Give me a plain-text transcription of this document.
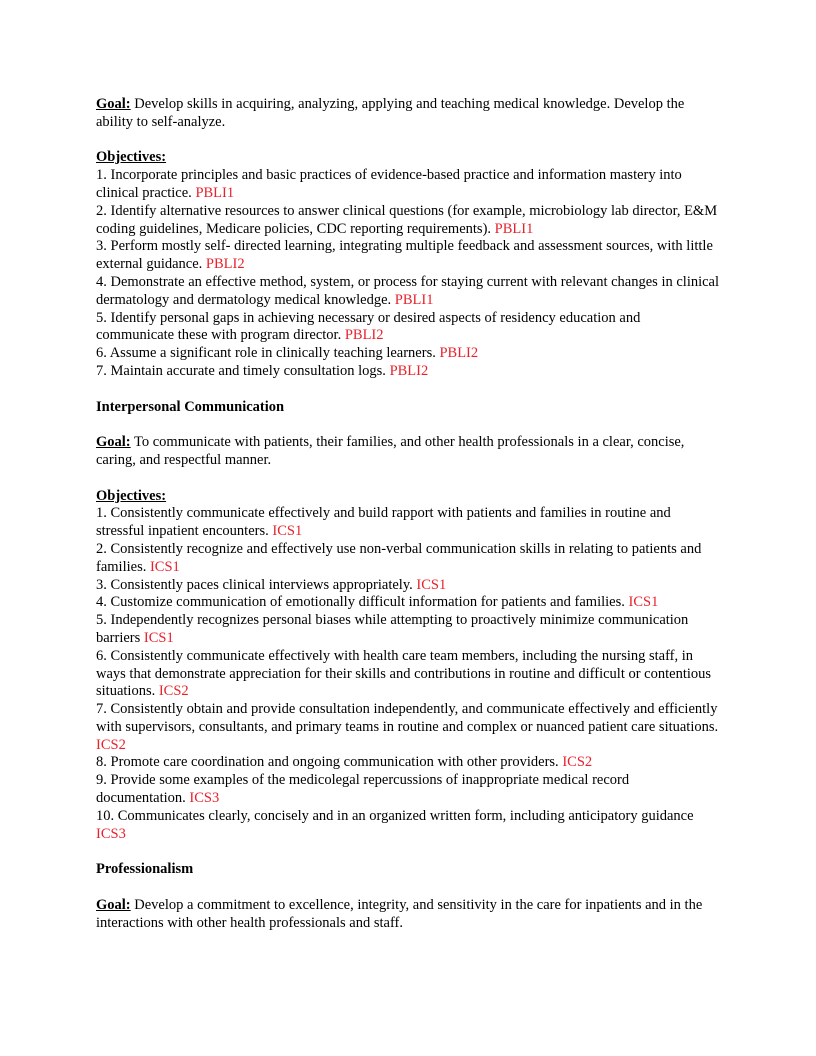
Goal: Develop skills in acquiring, analyzing, applying and teaching medical knowledge. Develop the ability to self-analyze.

Objectives:

1. Incorporate principles and basic practices of evidence-based practice and information mastery into clinical practice. PBLI1

2. Identify alternative resources to answer clinical questions (for example, microbiology lab director, E&M coding guidelines, Medicare policies, CDC reporting requirements). PBLI1

3. Perform mostly self- directed learning, integrating multiple feedback and assessment sources, with little external guidance. PBLI2

4. Demonstrate an effective method, system, or process for staying current with relevant changes in clinical dermatology and dermatology medical knowledge. PBLI1

5. Identify personal gaps in achieving necessary or desired aspects of residency education and communicate these with program director. PBLI2

6. Assume a significant role in clinically teaching learners. PBLI2

7. Maintain accurate and timely consultation logs. PBLI2

Interpersonal Communication

Goal: To communicate with patients, their families, and other health professionals in a clear, concise, caring, and respectful manner.

Objectives:

1. Consistently communicate effectively and build rapport with patients and families in routine and stressful inpatient encounters. ICS1

2. Consistently recognize and effectively use non-verbal communication skills in relating to patients and families. ICS1

3. Consistently paces clinical interviews appropriately. ICS1

4. Customize communication of emotionally difficult information for patients and families. ICS1

5. Independently recognizes personal biases while attempting to proactively minimize communication barriers ICS1

6. Consistently communicate effectively with health care team members, including the nursing staff, in ways that demonstrate appreciation for their skills and contributions in routine and difficult or contentious situations. ICS2

7. Consistently obtain and provide consultation independently, and communicate effectively and efficiently with supervisors, consultants, and primary teams in routine and complex or nuanced patient care situations. ICS2

8. Promote care coordination and ongoing communication with other providers. ICS2

9. Provide some examples of the medicolegal repercussions of inappropriate medical record documentation. ICS3

10. Communicates clearly, concisely and in an organized written form, including anticipatory guidance ICS3

Professionalism

Goal: Develop a commitment to excellence, integrity, and sensitivity in the care for inpatients and in the interactions with other health professionals and staff.
